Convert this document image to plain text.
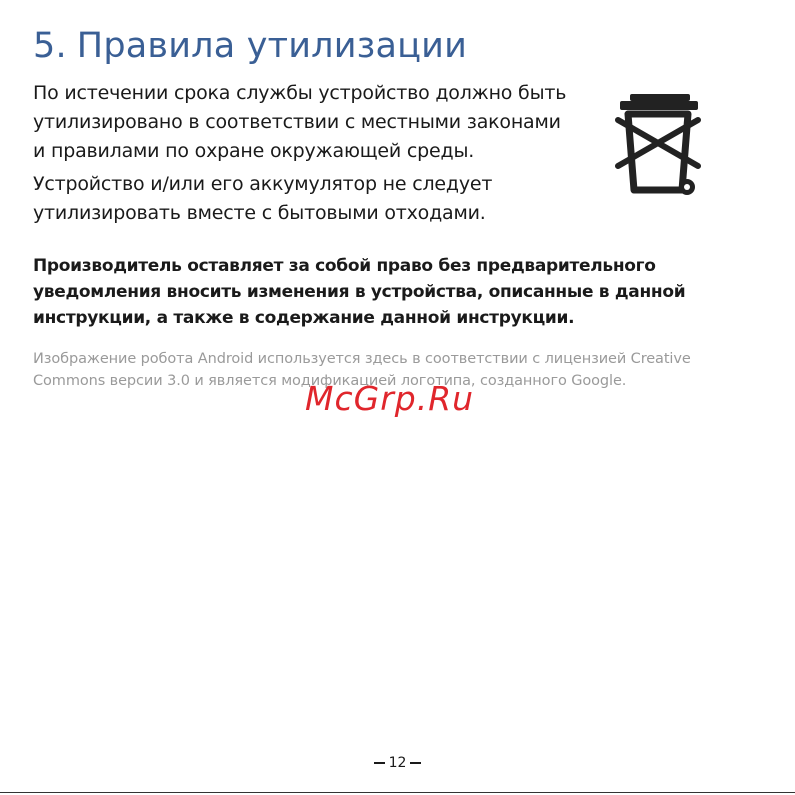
5. Правила утилизации

По истечении срока службы устройство должно быть
утилизировано в соответствии с местными законами
и правилами по охране окружающей среды.

Устройство и/или его аккумулятор не следует
утилизировать вместе с бытовыми отходами.

Производитель оставляет за собой право без предварительного
уведомления вносить изменения в устройства, описанные в данной
инструкции, а также в содержание данной инструкции.

Изображение робота Android используется здесь в соответствии с лицензией Creative
Commons версии 3.0 и является модификацией логотипа, созданного Google.

McGrp.Ru
12
